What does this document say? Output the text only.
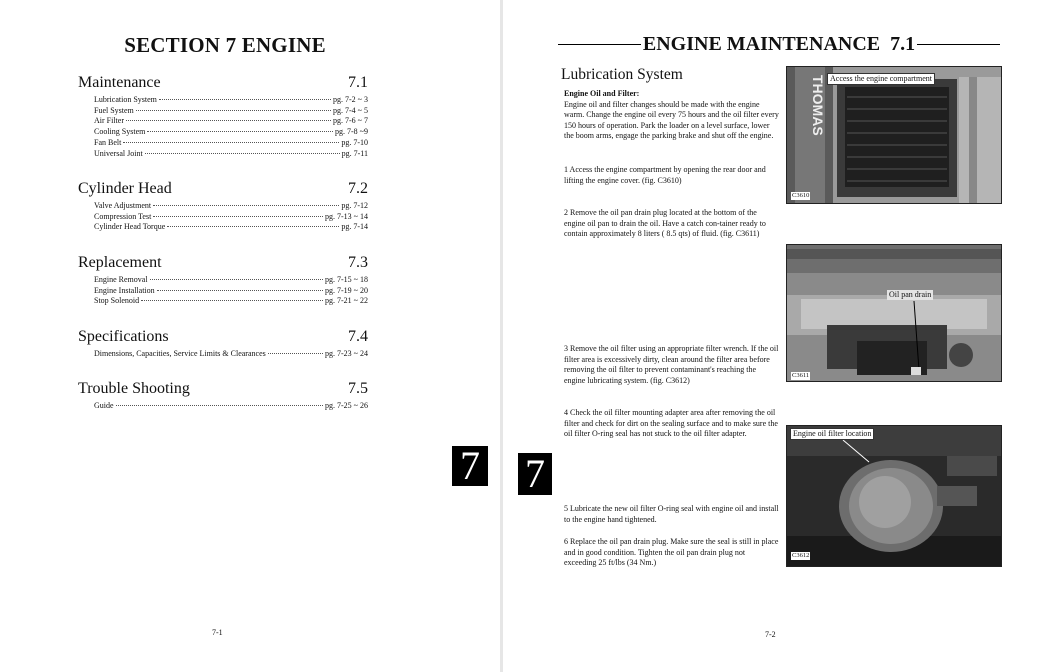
SECTION 7 ENGINE
Maintenance	7.1
Lubrication System	pg. 7-2 ~ 3
Fuel System	pg. 7-4 ~ 5
Air Filter	pg. 7-6 ~ 7
Cooling System	pg. 7-8 ~9
Fan Belt	pg. 7-10
Universal Joint	pg. 7-11
Cylinder Head	7.2
Valve Adjustment	pg. 7-12
Compression Test	pg. 7-13 ~ 14
Cylinder Head Torque	pg. 7-14
Replacement	7.3
Engine Removal	pg. 7-15 ~ 18
Engine Installation	pg. 7-19 ~ 20
Stop Solenoid	pg. 7-21 ~ 22
Specifications	7.4
Dimensions, Capacities, Service Limits & Clearances	pg. 7-23 ~ 24
Trouble Shooting	7.5
Guide	pg. 7-25 ~ 26
7
7-1
ENGINE MAINTENANCE  7.1
Lubrication System
Engine Oil and Filter:
Engine oil and filter changes should be made with the engine warm. Change the engine oil every 75 hours and the oil filter every 150 hours of operation. Park the loader on a level surface, lower the boom arms, engage the parking brake and shut off the engine.
1 Access the engine compartment by opening the rear door and lifting the engine cover. (fig. C3610)
2 Remove the oil pan drain plug located at the bottom of the engine oil pan to drain the oil. Have a catch con-tainer ready to contain approximately 8 liters ( 8.5 qts) of fluid. (fig. C3611)
3 Remove the oil filter using an appropriate filter wrench. If the oil filter area is excessively dirty, clean around the filter area before removing the oil filter to prevent contaminant's reaching the engine lubricating system. (fig. C3612)
4 Check the oil filter mounting adapter area after removing the oil filter and check for dirt on the sealing surface and to make sure the oil filter O-ring seal has not stuck to the oil filter adapter.
5 Lubricate the new oil filter O-ring seal with engine oil and install to the engine hand tightened.
6 Replace the oil pan drain plug. Make sure the seal is still in place and in good condition. Tighten the oil pan drain plug not exceeding 25 ft/lbs (34 Nm.)
THOMAS Access the engine compartment
C3610
Oil pan drain
C3611
Engine oil filter location
C3612
7
7-2
